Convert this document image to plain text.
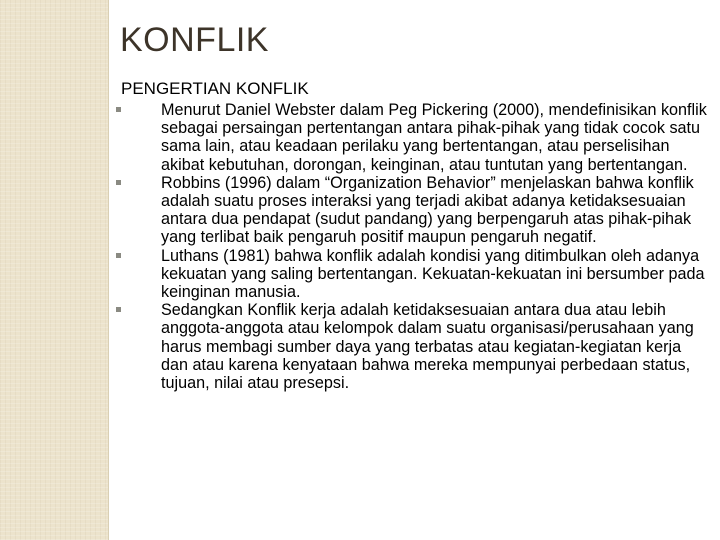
KONFLIK
PENGERTIAN KONFLIK
Menurut Daniel Webster dalam Peg Pickering (2000), mendefinisikan konflik sebagai persaingan pertentangan antara pihak-pihak yang tidak cocok satu sama lain, atau keadaan perilaku yang bertentangan, atau perselisihan akibat kebutuhan, dorongan, keinginan, atau tuntutan yang bertentangan.
Robbins (1996) dalam “Organization Behavior” menjelaskan bahwa konflik adalah suatu proses interaksi yang terjadi akibat adanya ketidaksesuaian antara dua pendapat (sudut pandang) yang berpengaruh atas pihak-pihak yang terlibat baik pengaruh positif maupun pengaruh negatif.
Luthans (1981) bahwa konflik adalah kondisi yang ditimbulkan oleh adanya kekuatan yang saling bertentangan. Kekuatan-kekuatan ini bersumber pada keinginan manusia.
Sedangkan Konflik kerja adalah ketidaksesuaian antara dua atau lebih anggota-anggota atau kelompok dalam suatu organisasi/perusahaan yang harus membagi sumber daya yang terbatas atau kegiatan-kegiatan kerja dan atau karena kenyataan bahwa mereka mempunyai perbedaan status, tujuan, nilai atau presepsi.
